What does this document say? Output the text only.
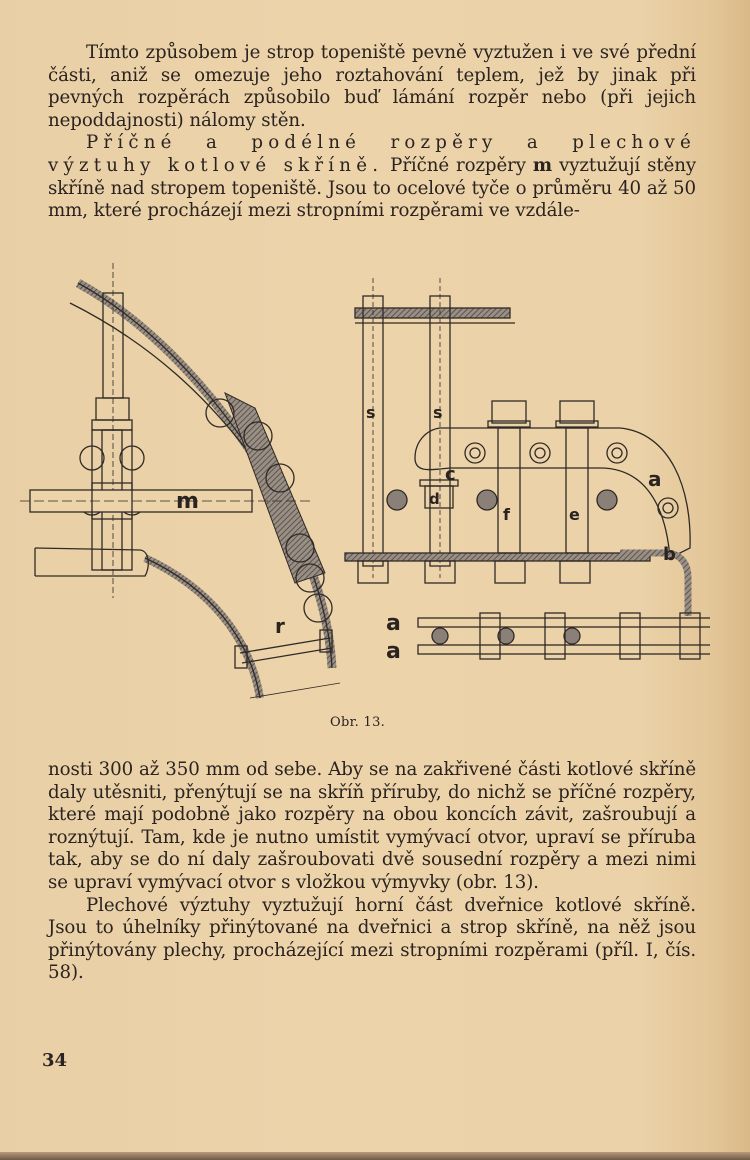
Tímto způsobem je strop topeniště pevně vyztužen i ve své přední části, aniž se omezuje jeho roztahování teplem, jež by jinak při pevných rozpěrách způsobilo buď lámání rozpěr nebo (při jejich nepoddajnosti) nálomy stěn.

Příčné a podélné rozpěry a plechové výztuhy kotlové skříně. Příčné rozpěry m vyztužují stěny skříně nad stropem topeniště. Jsou to ocelové tyče o průměru 40 až 50 mm, které procházejí mezi stropními rozpěrami ve vzdále-

m
r
s	s
a
b
c
d
e
f
a
a
Obr. 13.

nosti 300 až 350 mm od sebe. Aby se na zakřivené části kotlové skříně daly utěsniti, přenýtují se na skříň příruby, do nichž se příčné rozpěry, které mají podobně jako rozpěry na obou koncích závit, zašroubují a roznýtují. Tam, kde je nutno umístit vymývací otvor, upraví se příruba tak, aby se do ní daly zašroubovati dvě sousední rozpěry a mezi nimi se upraví vymývací otvor s vložkou výmyvky (obr. 13).

Plechové výztuhy vyztužují horní část dveřnice kotlové skříně. Jsou to úhelníky přinýtované na dveřnici a strop skříně, na něž jsou přinýtovány plechy, procházející mezi stropními rozpěrami (příl. I, čís. 58).

34
